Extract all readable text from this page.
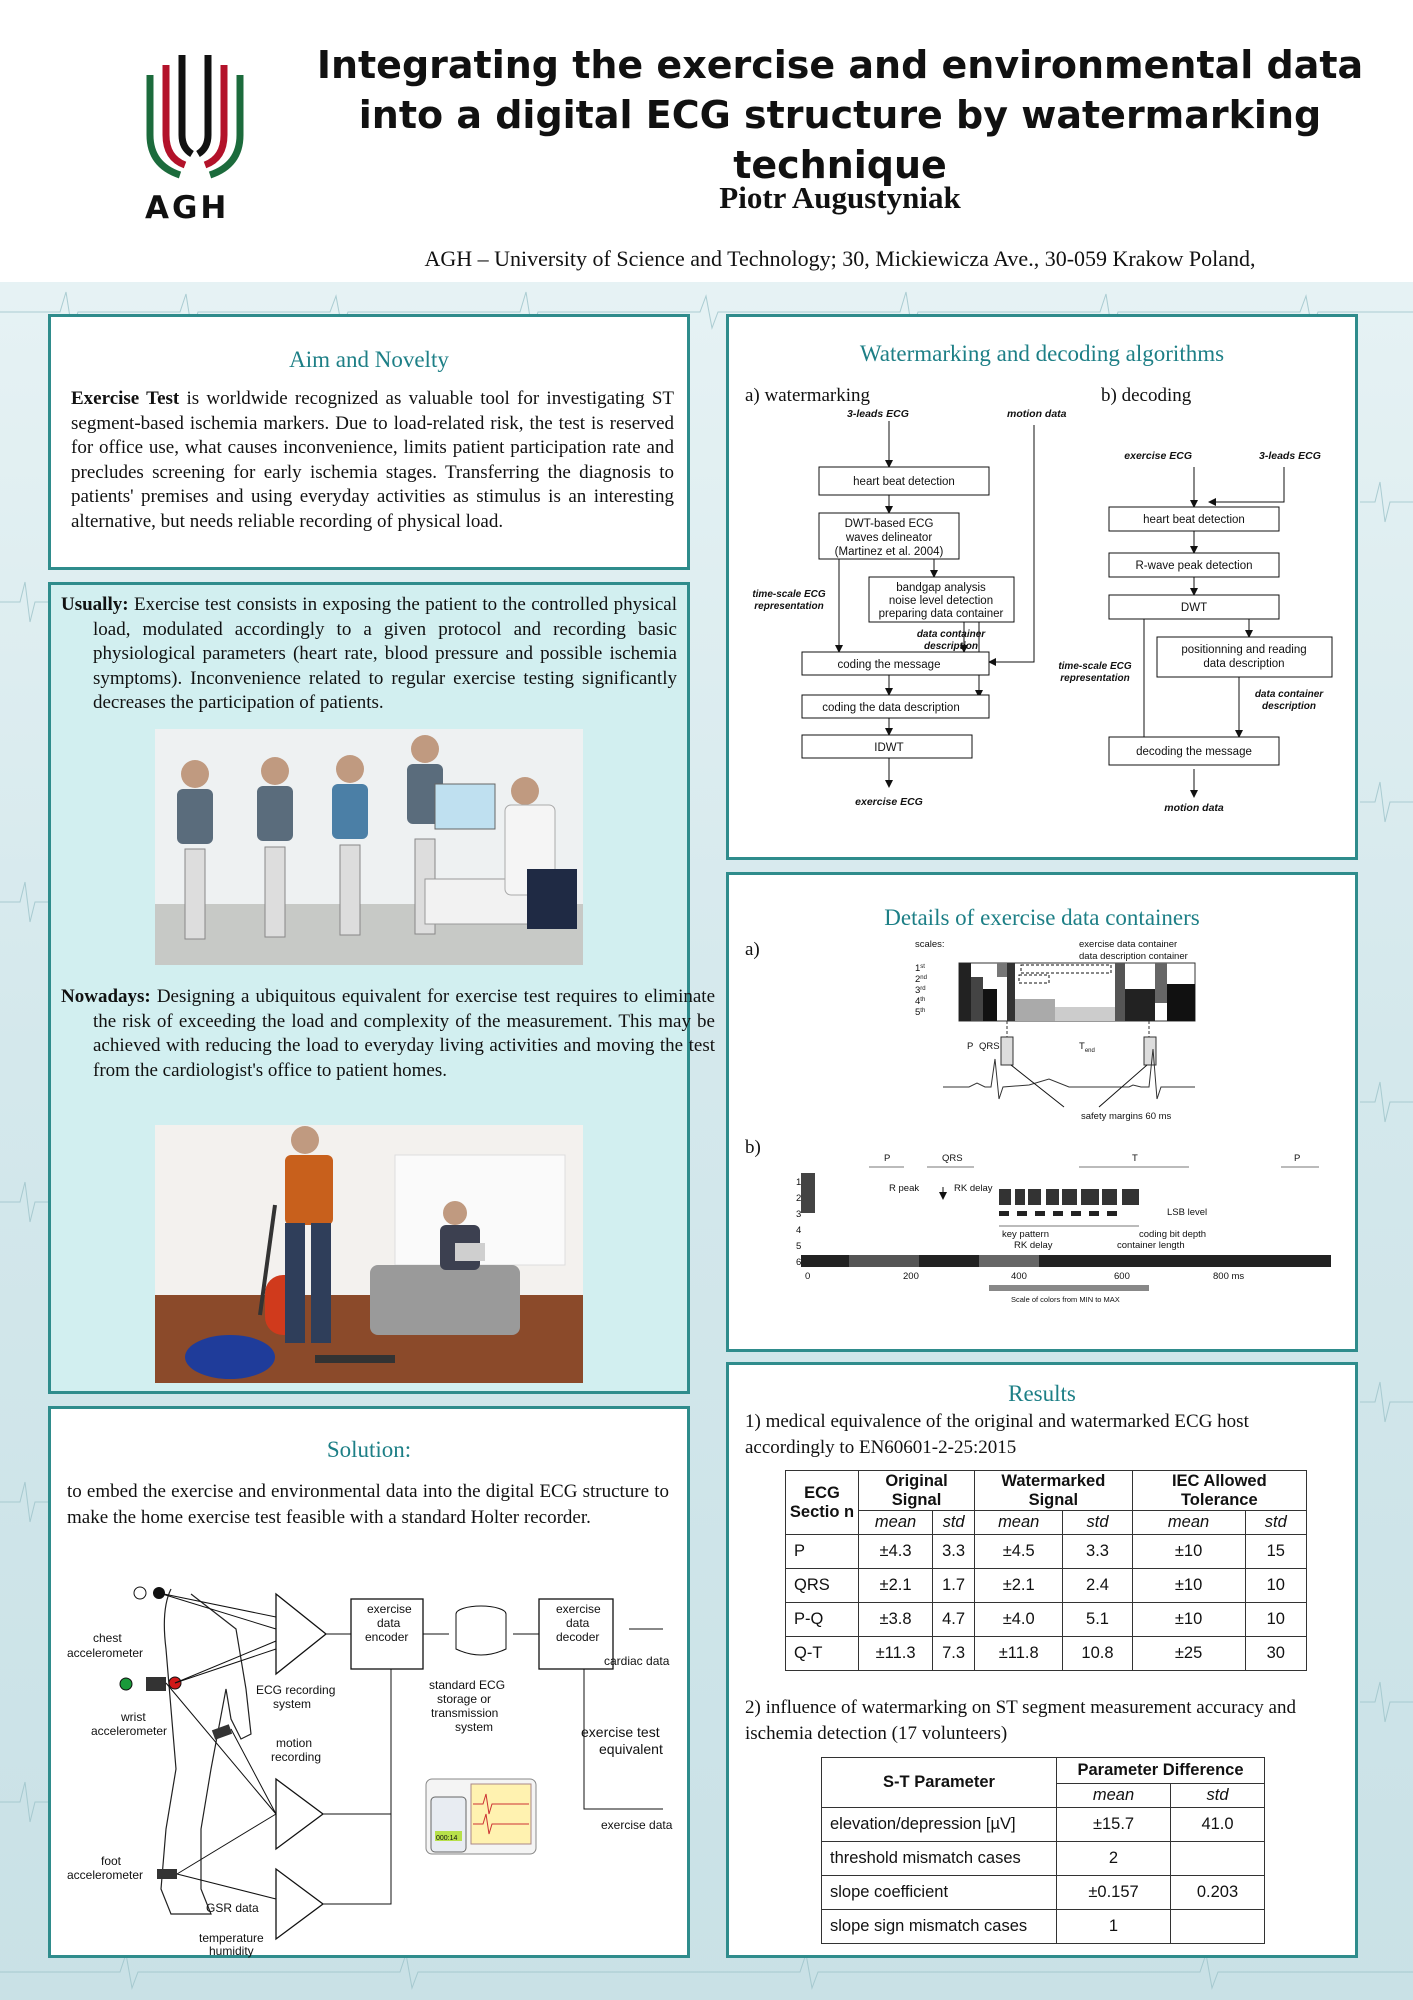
AGH
Integrating the exercise and environmental data
into a digital ECG structure by watermarking technique
Piotr Augustyniak
AGH – University of Science and Technology; 30, Mickiewicza Ave., 30-059 Krakow Poland,
Aim and Novelty
Exercise Test is worldwide recognized as valuable tool for investigating ST segment-based ischemia markers. Due to load-related risk, the test is reserved for office use, what causes inconvenience, limits patient participation rate and precludes screening for early ischemia stages. Transferring the diagnosis to patients' premises and using everyday activities as stimulus is an interesting alternative, but needs reliable recording of physical load.
Usually: Exercise test consists in exposing the patient to the controlled physical load, modulated accordingly to a given protocol and recording basic physiological parameters (heart rate, blood pressure and possible ischemia symptoms). Inconvenience related to regular exercise testing significantly decreases the participation of patients.
Nowadays: Designing a ubiquitous equivalent for exercise test requires to eliminate the risk of exceeding the load and complexity of the measurement. This may be achieved with reducing the load to everyday living activities and moving the test from the cardiologist's office to patient homes.
Solution:
to embed the exercise and environmental data into the digital ECG structure to make the home exercise test feasible with a standard Holter recorder.
chest
accelerometer
wrist
accelerometer
foot
accelerometer
ECG recording
system
motion
recording
GSR data
temperature
humidity
exercise
data
encoder
standard ECG
storage or
transmission
system
exercise
data
decoder
cardiac data
exercise test
equivalent
exercise data
000:14
Watermarking and decoding algorithms
a) watermarking	b) decoding
3-leads ECG	motion data
heart beat detection
DWT-based ECG
waves delineator
(Martinez et al. 2004)
bandgap analysis
noise level detection
preparing data container
time-scale ECG
representation
data container
description
coding the message
coding the data description
IDWT
exercise ECG
exercise ECG	3-leads ECG
heart beat detection
R-wave peak detection
DWT
positionning and reading
data description
time-scale ECG
representation
data container
description
decoding the message
motion data
Details of exercise data containers
a)
b)
scales:	exercise data container
data description container
1st
2nd
3rd
4th
5th
P QRS	$T_{end}$
safety margins 60 ms
P	QRS	T	P
1
2
3
4
5
6
R peak	RK delay
LSB level
key pattern
RK delay
coding bit depth
container length
0	200	400	600	800 ms
Scale of colors from MIN to MAX
Results
1) medical equivalence of the original and watermarked ECG host accordingly to EN60601-2-25:2015
ECG Sectio n	Original Signal		Watermarked Signal		IEC Allowed Tolerance	
	mean	std	mean	std	mean	std
P	±4.3	3.3	±4.5	3.3	±10	15
QRS	±2.1	1.7	±2.1	2.4	±10	10
P-Q	±3.8	4.7	±4.0	5.1	±10	10
Q-T	±11.3	7.3	±11.8	10.8	±25	30
2) influence of watermarking on ST segment measurement accuracy and ischemia detection (17 volunteers)
S-T Parameter	Parameter Difference	
	mean	std
elevation/depression [µV]	±15.7	41.0
threshold mismatch cases	2	
slope coefficient	±0.157	0.203
slope sign mismatch cases	1	
